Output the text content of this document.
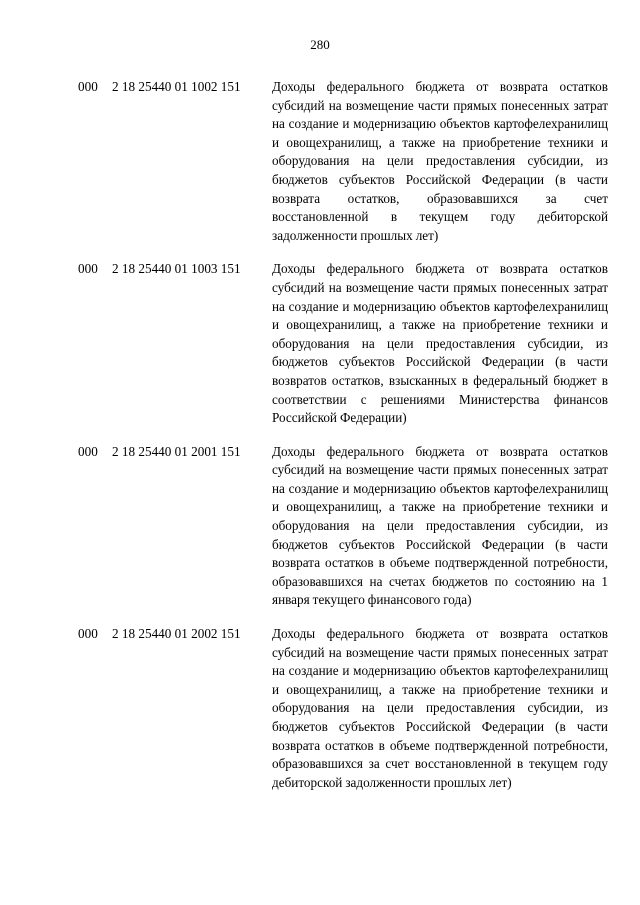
280
000	2 18 25440 01 1002 151	Доходы федерального бюджета от возврата остатков субсидий на возмещение части прямых понесенных затрат на создание и модернизацию объектов картофелехранилищ и овощехранилищ, а также на приобретение техники и оборудования на цели предоставления субсидии, из бюджетов субъектов Российской Федерации (в части возврата остатков, образовавшихся за счет восстановленной в текущем году дебиторской задолженности прошлых лет)
000	2 18 25440 01 1003 151	Доходы федерального бюджета от возврата остатков субсидий на возмещение части прямых понесенных затрат на создание и модернизацию объектов картофелехранилищ и овощехранилищ, а также на приобретение техники и оборудования на цели предоставления субсидии, из бюджетов субъектов Российской Федерации (в части возвратов остатков, взысканных в федеральный бюджет в соответствии с решениями Министерства финансов Российской Федерации)
000	2 18 25440 01 2001 151	Доходы федерального бюджета от возврата остатков субсидий на возмещение части прямых понесенных затрат на создание и модернизацию объектов картофелехранилищ и овощехранилищ, а также на приобретение техники и оборудования на цели предоставления субсидии, из бюджетов субъектов Российской Федерации (в части возврата остатков в объеме подтвержденной потребности, образовавшихся на счетах бюджетов по состоянию на 1 января текущего финансового года)
000	2 18 25440 01 2002 151	Доходы федерального бюджета от возврата остатков субсидий на возмещение части прямых понесенных затрат на создание и модернизацию объектов картофелехранилищ и овощехранилищ, а также на приобретение техники и оборудования на цели предоставления субсидии, из бюджетов субъектов Российской Федерации (в части возврата остатков в объеме подтвержденной потребности, образовавшихся за счет восстановленной в текущем году дебиторской задолженности прошлых лет)
